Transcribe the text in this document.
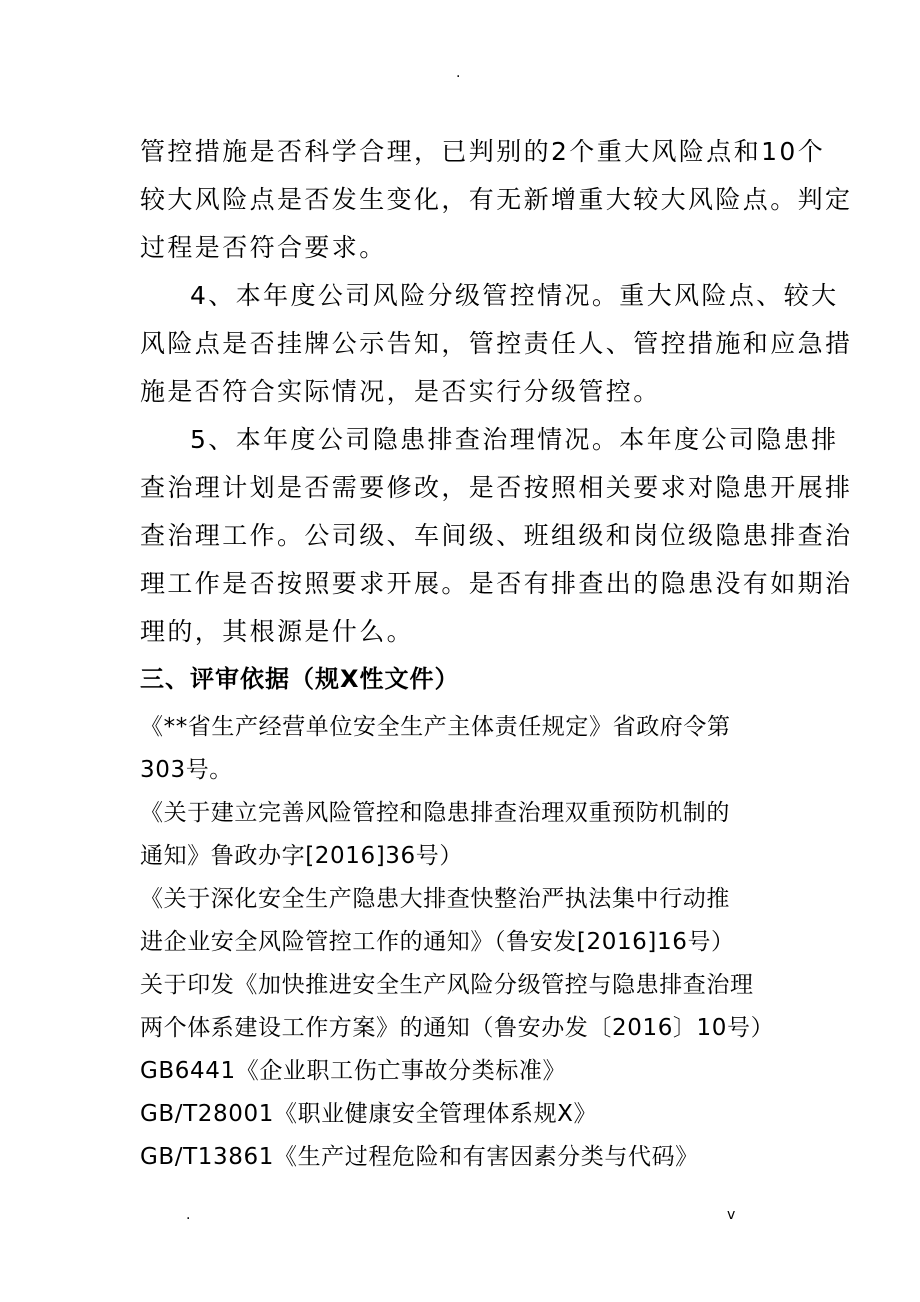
.

管控措施是否科学合理，已判别的2个重大风险点和10个
较大风险点是否发生变化，有无新增重大较大风险点。判定
过程是否符合要求。

4、本年度公司风险分级管控情况。重大风险点、较大
风险点是否挂牌公示告知，管控责任人、管控措施和应急措
施是否符合实际情况，是否实行分级管控。

5、本年度公司隐患排查治理情况。本年度公司隐患排
查治理计划是否需要修改，是否按照相关要求对隐患开展排
查治理工作。公司级、车间级、班组级和岗位级隐患排查治
理工作是否按照要求开展。是否有排查出的隐患没有如期治
理的，其根源是什么。

三、评审依据（规X性文件）

《**省生产经营单位安全生产主体责任规定》省政府令第
303号。

《关于建立完善风险管控和隐患排查治理双重预防机制的
通知》鲁政办字[2016]36号）

《关于深化安全生产隐患大排查快整治严执法集中行动推
进企业安全风险管控工作的通知》（鲁安发[2016]16号）

关于印发《加快推进安全生产风险分级管控与隐患排查治理
两个体系建设工作方案》的通知（鲁安办发〔2016〕10号）

GB6441《企业职工伤亡事故分类标准》

GB/T28001《职业健康安全管理体系规X》

GB/T13861《生产过程危险和有害因素分类与代码》

.	v
